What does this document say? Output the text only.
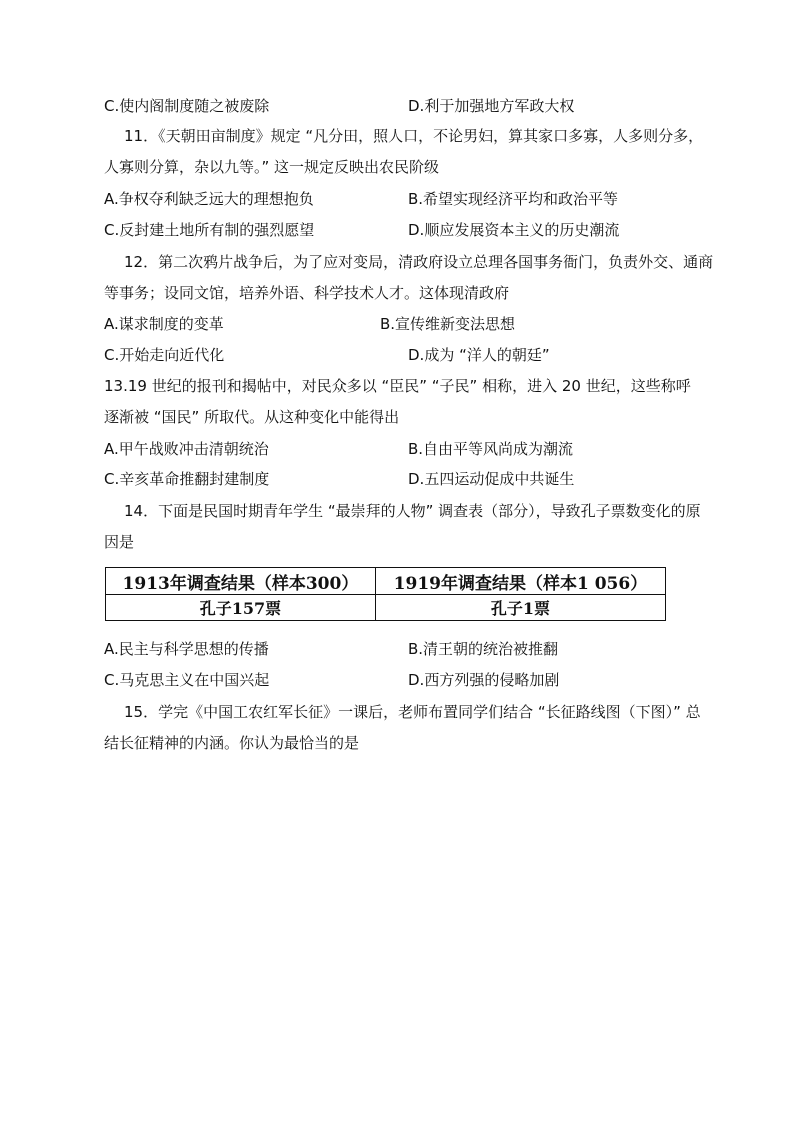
C.使内阁制度随之被废除	D.利于加强地方军政大权
11．《天朝田亩制度》规定 “凡分田，照人口，不论男妇，算其家口多寡，人多则分多，
人寡则分算，杂以九等。” 这一规定反映出农民阶级
A.争权夺利缺乏远大的理想抱负	B.希望实现经济平均和政治平等
C.反封建土地所有制的强烈愿望	D.顺应发展资本主义的历史潮流
12．第二次鸦片战争后，为了应对变局，清政府设立总理各国事务衙门，负责外交、通商
等事务；设同文馆，培养外语、科学技术人才。这体现清政府
A.谋求制度的变革	B.宣传维新变法思想
C.开始走向近代化	D.成为 “洋人的朝廷”
13.19 世纪的报刊和揭帖中，对民众多以 “臣民” “子民” 相称，进入 20 世纪，这些称呼
逐渐被 “国民” 所取代。从这种变化中能得出
A.甲午战败冲击清朝统治	B.自由平等风尚成为潮流
C.辛亥革命推翻封建制度	D.五四运动促成中共诞生
14．下面是民国时期青年学生 “最崇拜的人物” 调查表（部分），导致孔子票数变化的原
因是
1913年调查结果（样本300）	1919年调查结果（样本1 056）
孔子157票	孔子1票
A.民主与科学思想的传播	B.清王朝的统治被推翻
C.马克思主义在中国兴起	D.西方列强的侵略加剧
15．学完《中国工农红军长征》一课后，老师布置同学们结合 “长征路线图（下图）” 总
结长征精神的内涵。你认为最恰当的是
